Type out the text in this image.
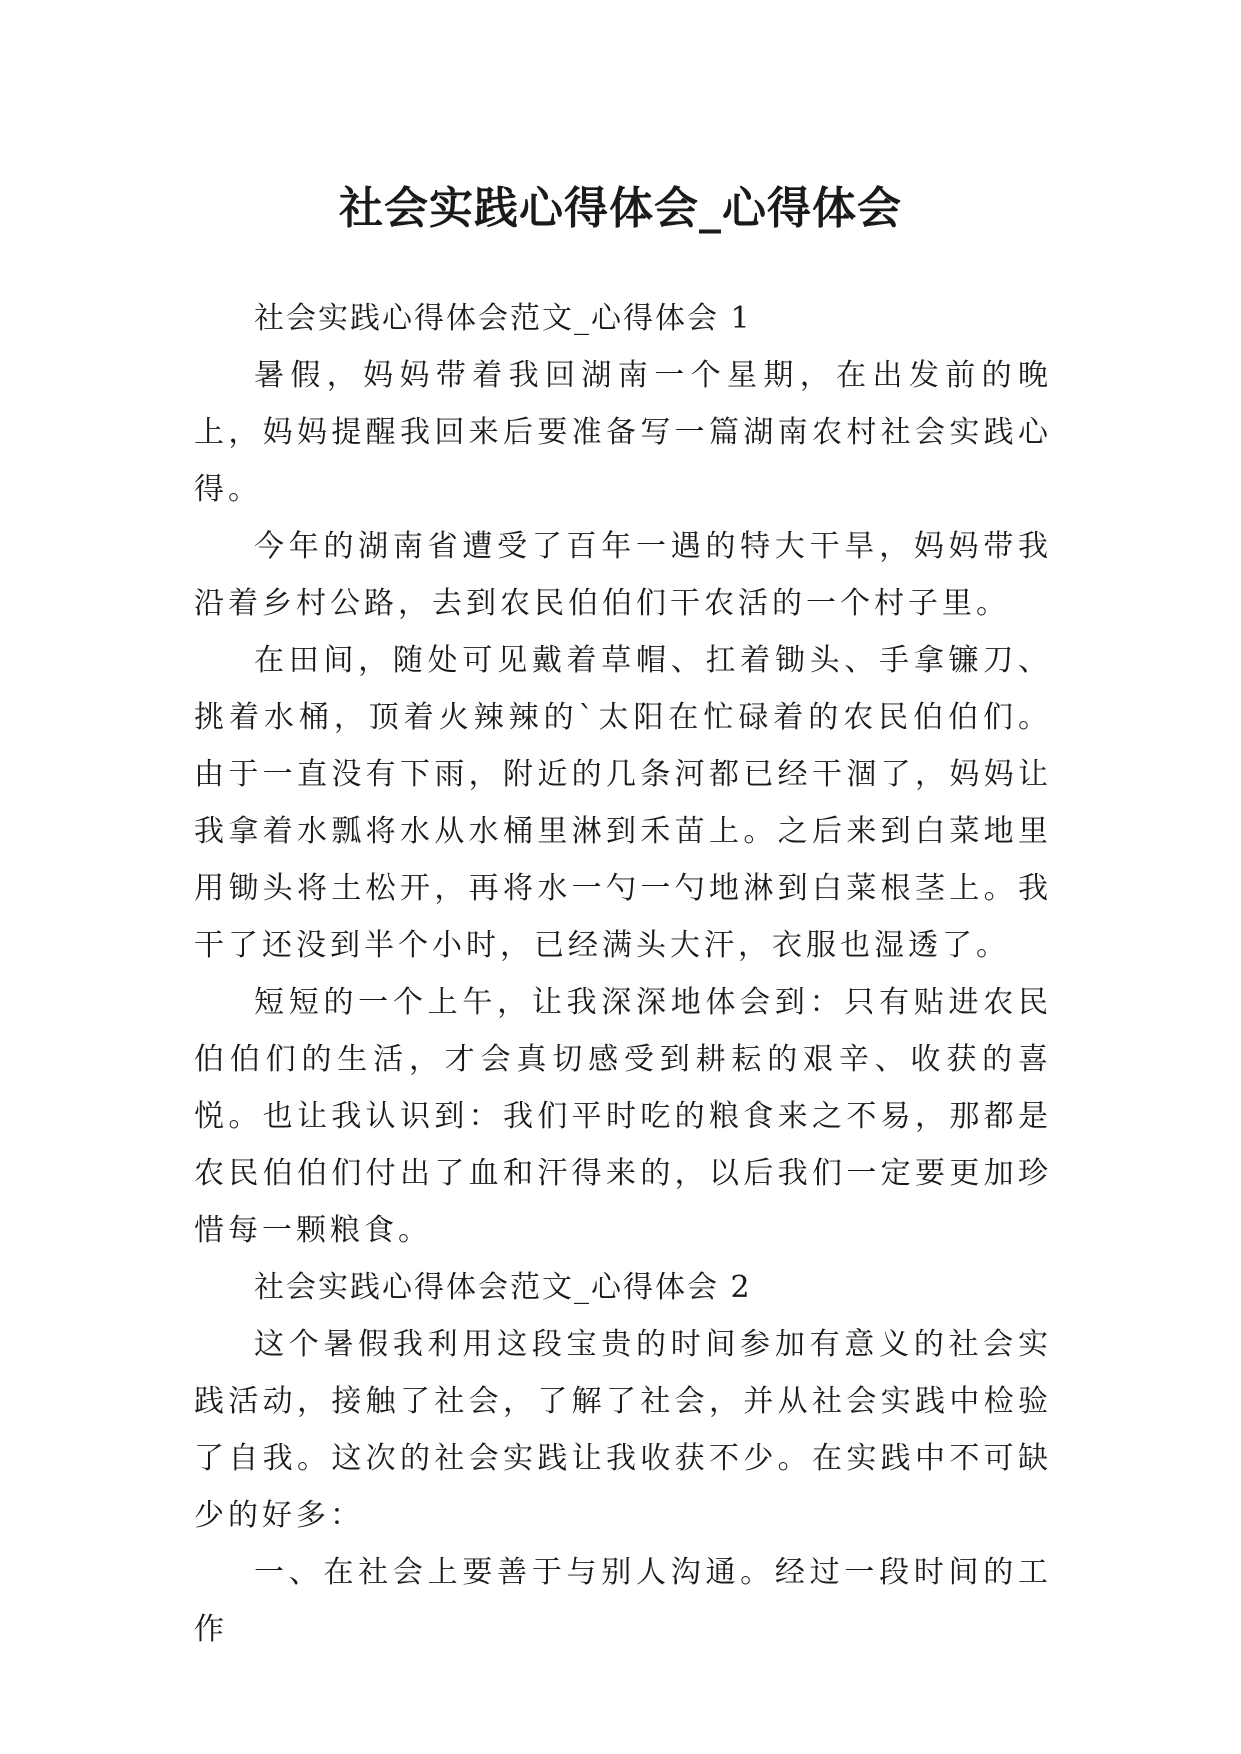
社会实践心得体会_心得体会

社会实践心得体会范文_心得体会 1

暑假，妈妈带着我回湖南一个星期，在出发前的晚上，妈妈提醒我回来后要准备写一篇湖南农村社会实践心得。

今年的湖南省遭受了百年一遇的特大干旱，妈妈带我沿着乡村公路，去到农民伯伯们干农活的一个村子里。

在田间，随处可见戴着草帽、扛着锄头、手拿镰刀、挑着水桶，顶着火辣辣的`太阳在忙碌着的农民伯伯们。由于一直没有下雨，附近的几条河都已经干涸了，妈妈让我拿着水瓢将水从水桶里淋到禾苗上。之后来到白菜地里用锄头将土松开，再将水一勺一勺地淋到白菜根茎上。我干了还没到半个小时，已经满头大汗，衣服也湿透了。

短短的一个上午，让我深深地体会到：只有贴进农民伯伯们的生活，才会真切感受到耕耘的艰辛、收获的喜悦。也让我认识到：我们平时吃的粮食来之不易，那都是农民伯伯们付出了血和汗得来的，以后我们一定要更加珍惜每一颗粮食。

社会实践心得体会范文_心得体会 2

这个暑假我利用这段宝贵的时间参加有意义的社会实践活动，接触了社会，了解了社会，并从社会实践中检验了自我。这次的社会实践让我收获不少。在实践中不可缺少的好多：

一、在社会上要善于与别人沟通。经过一段时间的工作
